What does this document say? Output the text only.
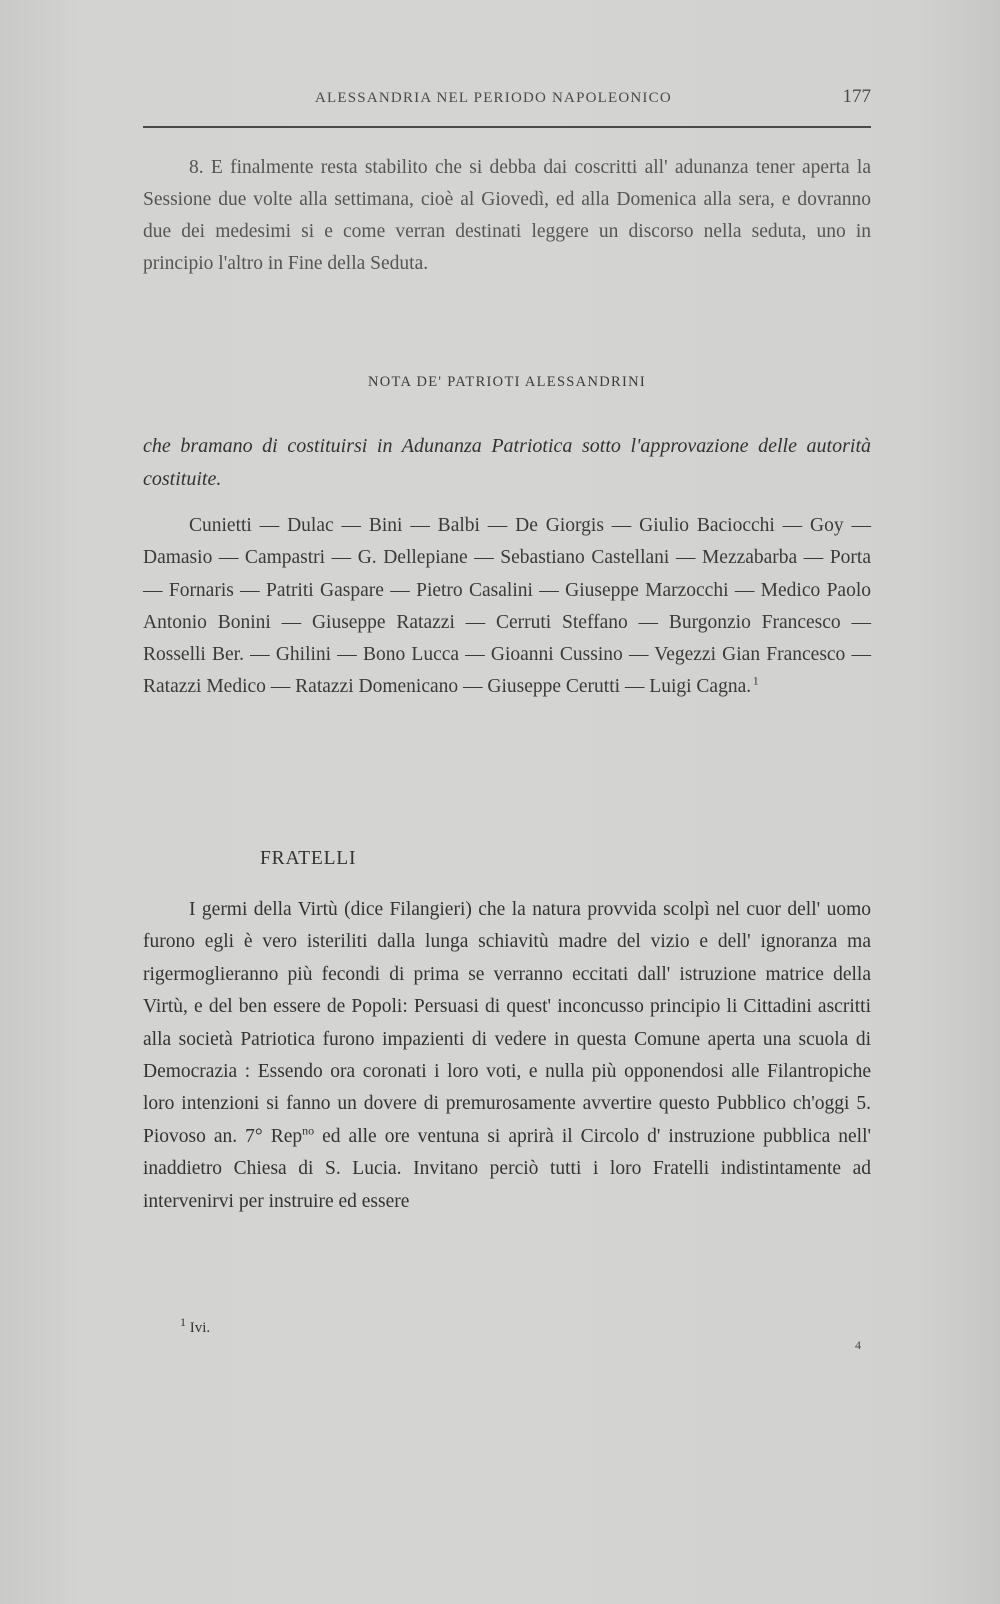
ALESSANDRIA NEL PERIODO NAPOLEONICO	177

8. E finalmente resta stabilito che si debba dai coscritti all' adunanza tener aperta la Sessione due volte alla settimana, cioè al Giovedì, ed alla Domenica alla sera, e dovranno due dei medesimi si e come verran destinati leggere un discorso nella seduta, uno in principio l'altro in Fine della Seduta.

NOTA DE' PATRIOTI ALESSANDRINI

che bramano di costituirsi in Adunanza Patriotica sotto l'approvazione delle autorità costituite.

Cunietti — Dulac — Bini — Balbi — De Giorgis — Giulio Baciocchi — Goy — Damasio — Campastri — G. Dellepiane — Sebastiano Castellani — Mezzabarba — Porta — Fornaris — Patriti Gaspare — Pietro Casalini — Giuseppe Marzocchi — Medico Paolo Antonio Bonini — Giuseppe Ratazzi — Cerruti Steffano — Burgonzio Francesco — Rosselli Ber. — Ghilini — Bono Lucca — Gioanni Cussino — Vegezzi Gian Francesco — Ratazzi Medico — Ratazzi Domenicano — Giuseppe Cerutti — Luigi Cagna.  $^1$

FRATELLI

I germi della Virtù (dice Filangieri) che la natura provvida scolpì nel cuor dell' uomo furono egli è vero isteriliti dalla lunga schiavitù madre del vizio e dell' ignoranza ma rigermoglieranno più fecondi di prima se verranno eccitati dall' istruzione matrice della Virtù, e del ben essere de Popoli: Persuasi di quest' inconcusso principio li Cittadini ascritti alla società Patriotica furono impazienti di vedere in questa Comune aperta una scuola di Democrazia : Essendo ora coronati i loro voti, e nulla più opponendosi alle Filantropiche loro intenzioni si fanno un dovere di premurosamente avvertire questo Pubblico ch'oggi 5. Piovoso an. 7° Rep$^{no}$ ed alle ore ventuna si aprirà il Circolo d' instruzione pubblica nell' inaddietro Chiesa di S. Lucia. Invitano perciò tutti i loro Fratelli indistintamente ad intervenirvi per instruire ed essere

$^1$ Ivi.
4
